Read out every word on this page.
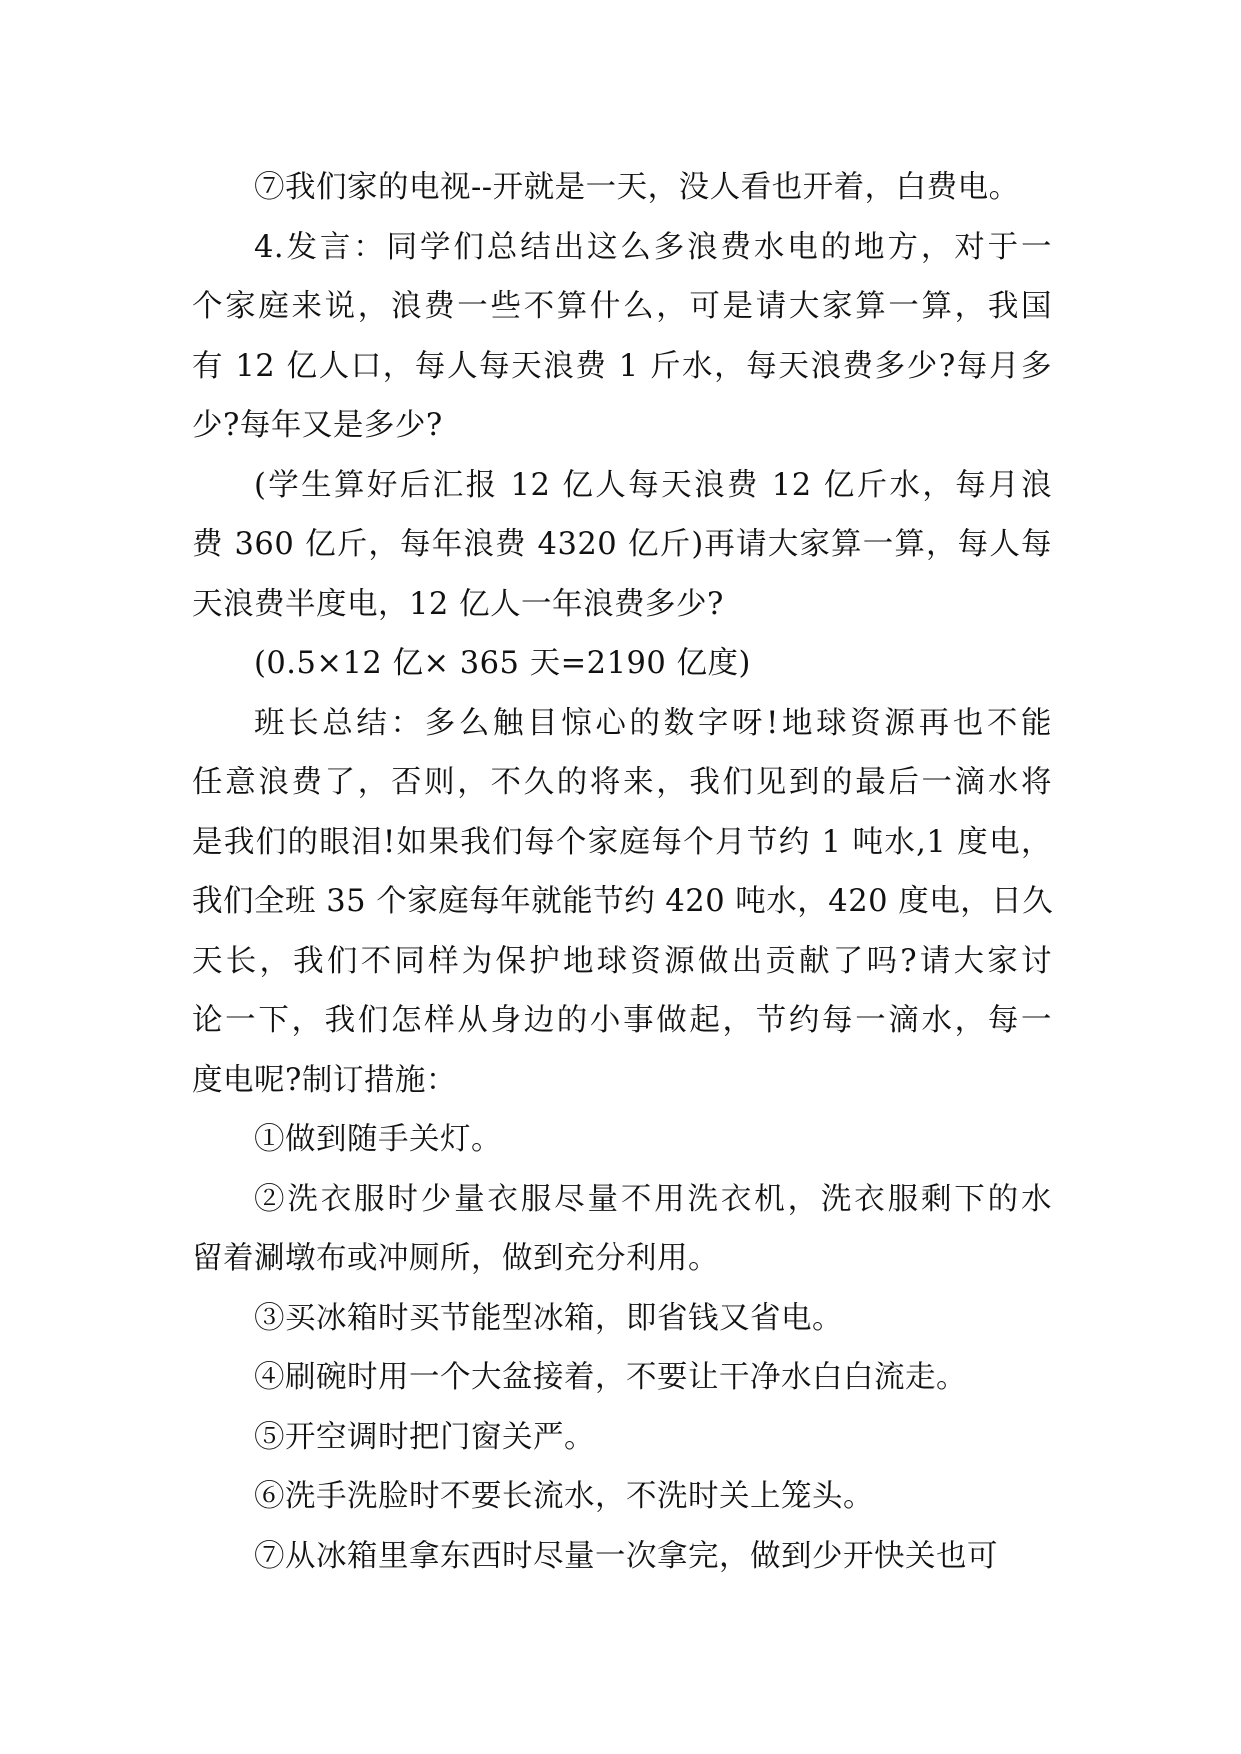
⑦我们家的电视--开就是一天，没人看也开着，白费电。

4.发言：同学们总结出这么多浪费水电的地方，对于一
个家庭来说，浪费一些不算什么，可是请大家算一算，我国
有 12 亿人口，每人每天浪费 1 斤水，每天浪费多少?每月多
少?每年又是多少?

(学生算好后汇报 12 亿人每天浪费 12 亿斤水，每月浪
费 360 亿斤，每年浪费 4320 亿斤)再请大家算一算，每人每
天浪费半度电，12 亿人一年浪费多少?

(0.5×12 亿× 365 天=2190 亿度)

班长总结：多么触目惊心的数字呀!地球资源再也不能
任意浪费了，否则，不久的将来，我们见到的最后一滴水将
是我们的眼泪!如果我们每个家庭每个月节约 1 吨水,1 度电，
我们全班 35 个家庭每年就能节约 420 吨水，420 度电，日久
天长，我们不同样为保护地球资源做出贡献了吗?请大家讨
论一下，我们怎样从身边的小事做起，节约每一滴水，每一
度电呢?制订措施：

①做到随手关灯。

②洗衣服时少量衣服尽量不用洗衣机，洗衣服剩下的水
留着涮墩布或冲厕所，做到充分利用。

③买冰箱时买节能型冰箱，即省钱又省电。

④刷碗时用一个大盆接着，不要让干净水白白流走。

⑤开空调时把门窗关严。

⑥洗手洗脸时不要长流水，不洗时关上笼头。

⑦从冰箱里拿东西时尽量一次拿完，做到少开快关也可
